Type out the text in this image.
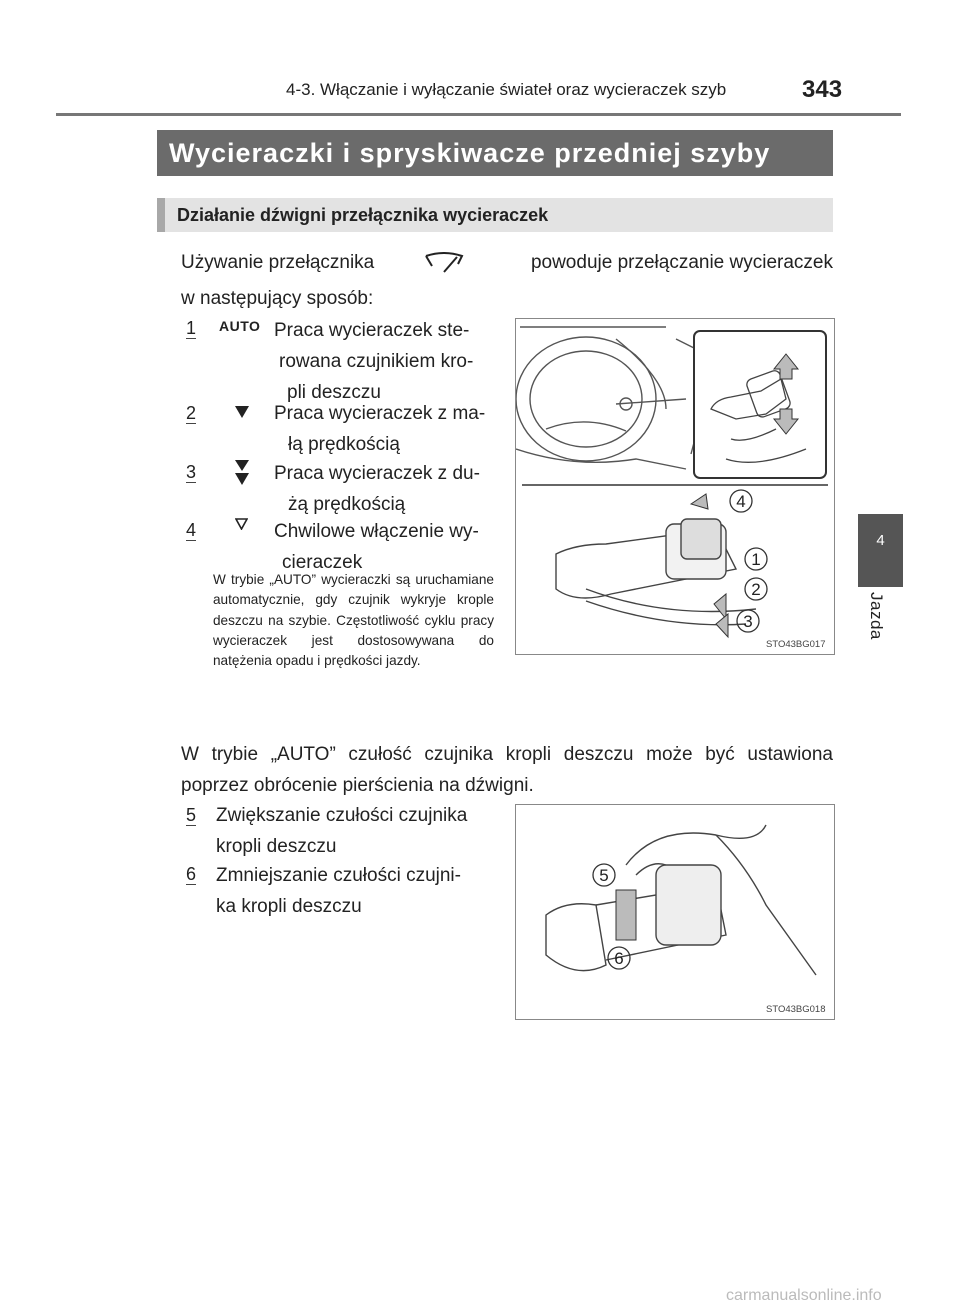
4-3. Włączanie i wyłączanie świateł oraz wycieraczek szyb	343
4
Jazda
Wycieraczki i spryskiwacze przedniej szyby
Działanie dźwigni przełącznika wycieraczek
Używanie przełącznika	powoduje przełączanie wycieraczek
w następujący sposób:
1 AUTO Praca wycieraczek ste-
rowana czujnikiem kro-
pli deszczu
2	Praca wycieraczek z ma-
łą prędkością
3	Praca wycieraczek z du-
żą prędkością
4	Chwilowe włączenie wy-
cieraczek
W trybie „AUTO” wycieraczki są uruchamiane automatycznie, gdy czujnik wykryje krople deszczu na szybie. Częstotliwość cyklu pracy wycieraczek jest dostosowywana do natężenia opadu i prędkości jazdy.
4
1
2
3
STO43BG017
W trybie „AUTO” czułość czujnika kropli deszczu może być ustawiona poprzez obrócenie pierścienia na dźwigni.
5 Zwiększanie czułości czujnika
kropli deszczu
6 Zmniejszanie czułości czujni-
ka kropli deszczu
5
6
STO43BG018
carmanualsonline.info
